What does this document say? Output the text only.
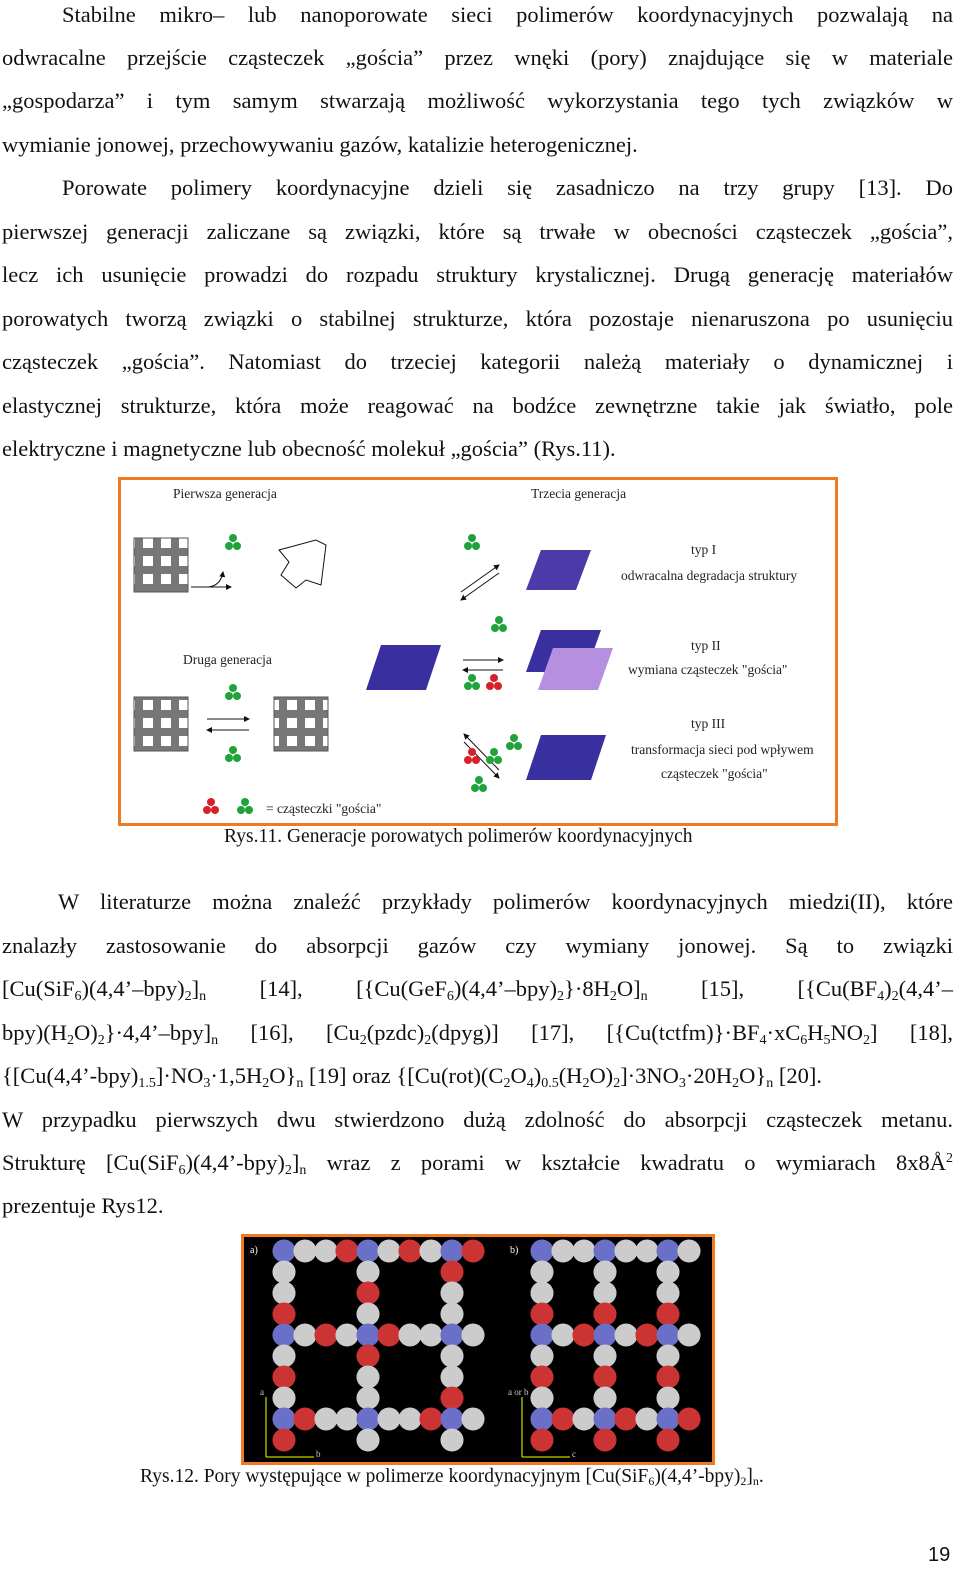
Stabilne mikro– lub nanoporowate sieci polimerów koordynacyjnych pozwalają na
odwracalne przejście cząsteczek „gościa” przez wnęki (pory) znajdujące się w materiale
„gospodarza” i tym samym stwarzają możliwość wykorzystania tego tych związków w
wymianie jonowej, przechowywaniu gazów, katalizie heterogenicznej.
Porowate polimery koordynacyjne dzieli się zasadniczo na trzy grupy [13]. Do
pierwszej generacji zaliczane są związki, które są trwałe w obecności cząsteczek „gościa”,
lecz ich usunięcie prowadzi do rozpadu struktury krystalicznej. Drugą generację materiałów
porowatych tworzą związki o stabilnej strukturze, która pozostaje nienaruszona po usunięciu
cząsteczek „gościa”. Natomiast do trzeciej kategorii należą materiały o dynamicznej i
elastycznej strukturze, która może reagować na bodźce zewnętrzne takie jak światło, pole
elektryczne i magnetyczne lub obecność molekuł „gościa” (Rys.11).
Pierwsza generacja
Druga generacja
Trzecia generacja
typ I
odwracalna degradacja struktury
typ II
wymiana cząsteczek "gościa"
typ III
transformacja sieci pod wpływem
cząsteczek "gościa"
= cząsteczki "gościa"
Rys.11. Generacje porowatych polimerów koordynacyjnych
W literaturze można znaleźć przykłady polimerów koordynacyjnych miedzi(II), które
znalazły zastosowanie do absorpcji gazów czy wymiany jonowej. Są to związki
$[Cu(SiF_6)(4,4’-bpy)_2]_n$ [14], $[\{Cu(GeF_6)(4,4’-bpy)_2\}\cdot 8H_2O]_n$ [15], [{$Cu(BF_4)_2(4,4’-$
$bpy)(H_2O)_2\}\cdot 4,4’-bpy]_n$ [16], $[Cu_2(pzdc)_2(dpyg)]$ [17], $[\{Cu(tctfm)\}\cdot BF_4\cdot xC_6H_5NO_2]$ [18],
$\{[Cu(4,4’-bpy)_{1.5}]\cdot NO_3\cdot 1,5H_2O\}_n$ [19] oraz $\{[Cu(rot)(C_2O_4)_{0.5}(H_2O)_2]\cdot 3NO_3\cdot 20H_2O\}_n$ [20].
W przypadku pierwszych dwu stwierdzono dużą zdolność do absorpcji cząsteczek metanu.
Strukturę $[Cu(SiF_6)(4,4’-bpy)_2]_n$ wraz z porami w kształcie kwadratu o wymiarach $8x8Å^2$
prezentuje Rys12.
a)	b)
a
b
a or b
c
Rys.12. Pory występujące w polimerze koordynacyjnym $[Cu(SiF_6)(4,4’-bpy)_2]_n$.
19
